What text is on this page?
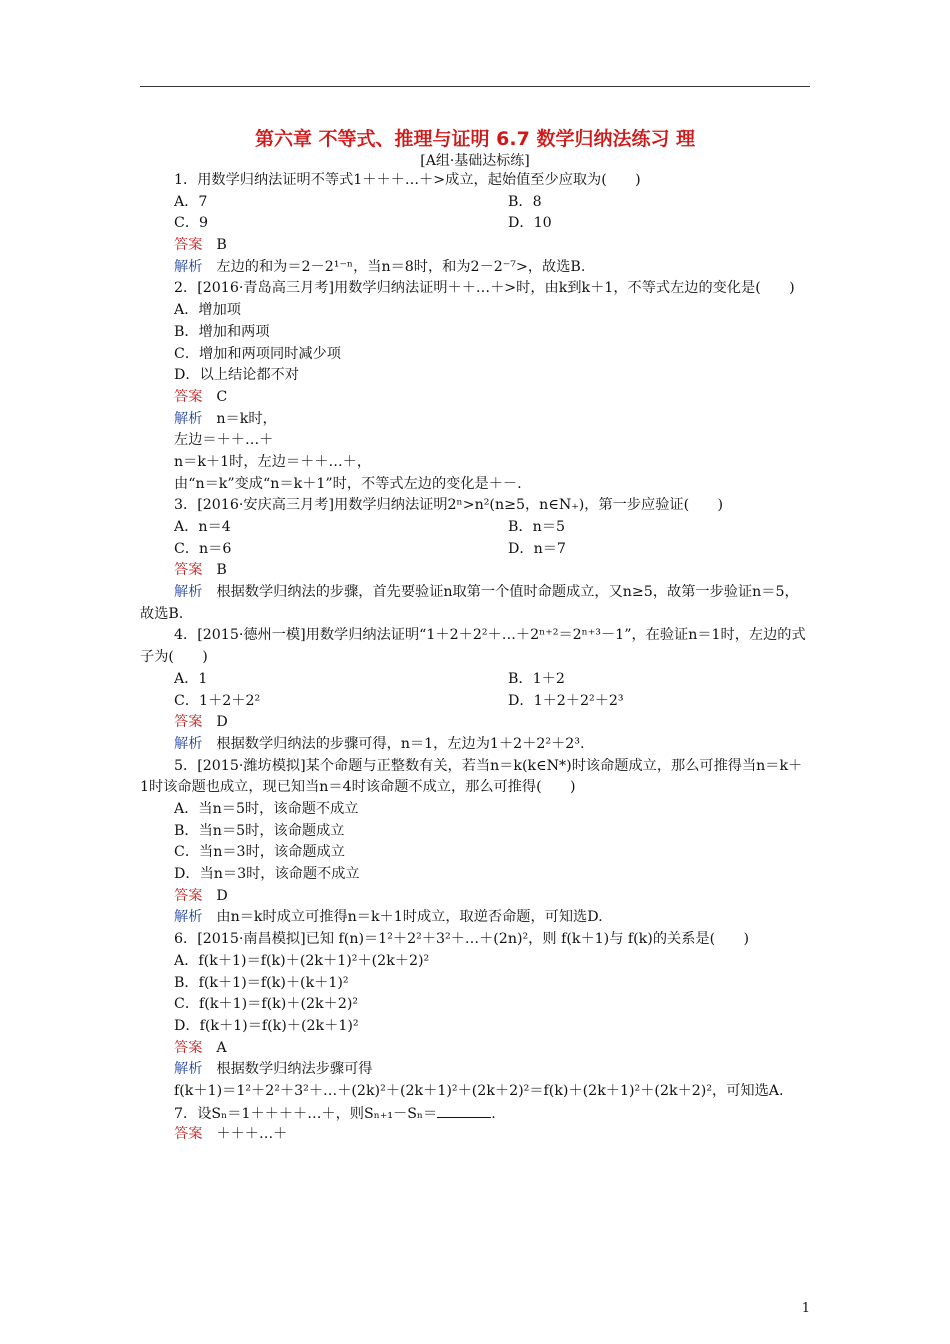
第六章 不等式、推理与证明 6.7 数学归纳法练习 理
[A组·基础达标练]
1．用数学归纳法证明不等式1＋＋＋…＋>成立，起始值至少应取为(　　)
A．7	B．8
C．9	D．10
答案 B
解析 左边的和为＝2－2¹⁻ⁿ，当n＝8时，和为2－2⁻⁷>，故选B.
2．[2016·青岛高三月考]用数学归纳法证明＋＋…＋>时，由k到k＋1，不等式左边的变化是(　　)
A．增加项
B．增加和两项
C．增加和两项同时减少项
D．以上结论都不对
答案 C
解析 n＝k时，
左边＝＋＋…＋
n＝k＋1时，左边＝＋＋…＋，
由“n＝k”变成“n＝k＋1”时，不等式左边的变化是＋－.
3．[2016·安庆高三月考]用数学归纳法证明2ⁿ>n²(n≥5，n∈N₊)，第一步应验证(　　)
A．n＝4	B．n＝5
C．n＝6	D．n＝7
答案 B
解析 根据数学归纳法的步骤，首先要验证n取第一个值时命题成立，又n≥5，故第一步验证n＝5，故选B.
4．[2015·德州一模]用数学归纳法证明“1＋2＋2²＋…＋2ⁿ⁺²＝2ⁿ⁺³－1”，在验证n＝1时，左边的式子为(　　)
A．1	B．1＋2
C．1＋2＋2²	D．1＋2＋2²＋2³
答案 D
解析 根据数学归纳法的步骤可得，n＝1，左边为1＋2＋2²＋2³.
5．[2015·潍坊模拟]某个命题与正整数有关，若当n＝k(k∈N*)时该命题成立，那么可推得当n＝k＋1时该命题也成立，现已知当n＝4时该命题不成立，那么可推得(　　)
A．当n＝5时，该命题不成立
B．当n＝5时，该命题成立
C．当n＝3时，该命题成立
D．当n＝3时，该命题不成立
答案 D
解析 由n＝k时成立可推得n＝k＋1时成立，取逆否命题，可知选D.
6．[2015·南昌模拟]已知 f(n)＝1²＋2²＋3²＋…＋(2n)²，则 f(k＋1)与 f(k)的关系是(　　)
A．f(k＋1)＝f(k)＋(2k＋1)²＋(2k＋2)²
B．f(k＋1)＝f(k)＋(k＋1)²
C．f(k＋1)＝f(k)＋(2k＋2)²
D．f(k＋1)＝f(k)＋(2k＋1)²
答案 A
解析 根据数学归纳法步骤可得
f(k＋1)＝1²＋2²＋3²＋…＋(2k)²＋(2k＋1)²＋(2k＋2)²＝f(k)＋(2k＋1)²＋(2k＋2)²，可知选A.
7．设Sₙ＝1＋＋＋＋…＋，则Sₙ₊₁－Sₙ＝	.
答案 ＋＋＋…＋
1
